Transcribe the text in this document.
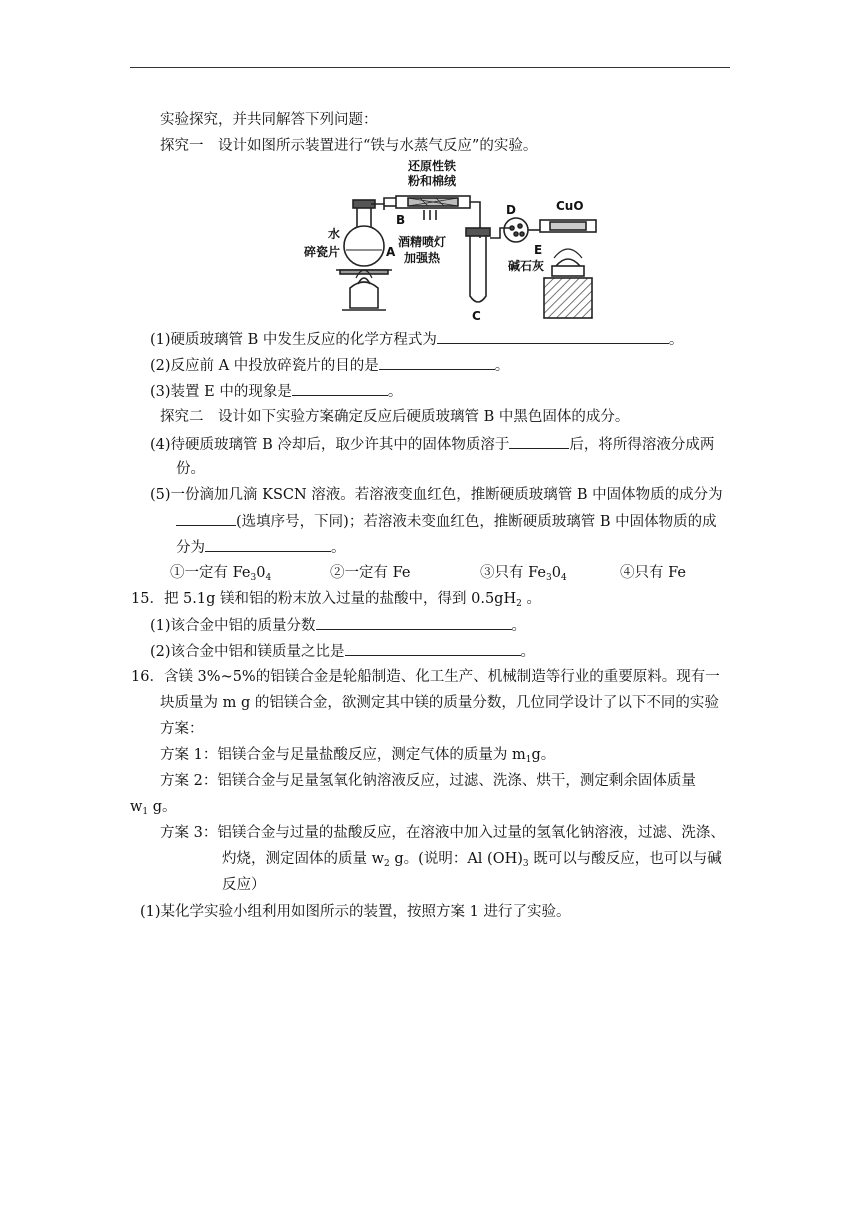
实验探究，并共同解答下列问题：
探究一　设计如图所示装置进行“铁与水蒸气反应”的实验。
还原性铁
粉和棉绒
B
水
碎瓷片	A
酒精喷灯
加强热
C
D
E
碱石灰
CuO
(1)硬质玻璃管 B 中发生反应的化学方程式为	。
(2)反应前 A 中投放碎瓷片的目的是	。
(3)装置 E 中的现象是	。
探究二　设计如下实验方案确定反应后硬质玻璃管 B 中黑色固体的成分。
(4)待硬质玻璃管 B 冷却后，取少许其中的固体物质溶于	后，将所得溶液分成两
份。
(5)一份滴加几滴 KSCN 溶液。若溶液变血红色，推断硬质玻璃管 B 中固体物质的成分为
(选填序号，下同)；若溶液未变血红色，推断硬质玻璃管 B 中固体物质的成
分为	。
①一定有 $Fe_30_4$	②一定有 Fe	③只有 $Fe_30_4$	④只有 Fe
15．把 5.1g 镁和铝的粉末放入过量的盐酸中，得到 $0.5gH_2$ 。
(1)该合金中铝的质量分数	。
(2)该合金中铝和镁质量之比是	。
16．含镁 3%~5%的铝镁合金是轮船制造、化工生产、机械制造等行业的重要原料。现有一
块质量为 m g 的铝镁合金，欲测定其中镁的质量分数，几位同学设计了以下不同的实验
方案：
方案 1：铝镁合金与足量盐酸反应，测定气体的质量为 $m_1g$。
方案 2：铝镁合金与足量氢氧化钠溶液反应，过滤、洗涤、烘干，测定剩余固体质量
$w_1$ g。
方案 3：铝镁合金与过量的盐酸反应，在溶液中加入过量的氢氧化钠溶液，过滤、洗涤、
灼烧，测定固体的质量 $w_2$ g。(说明：Al $(OH)_3$ 既可以与酸反应，也可以与碱
反应）
(1)某化学实验小组利用如图所示的装置，按照方案 1 进行了实验。
